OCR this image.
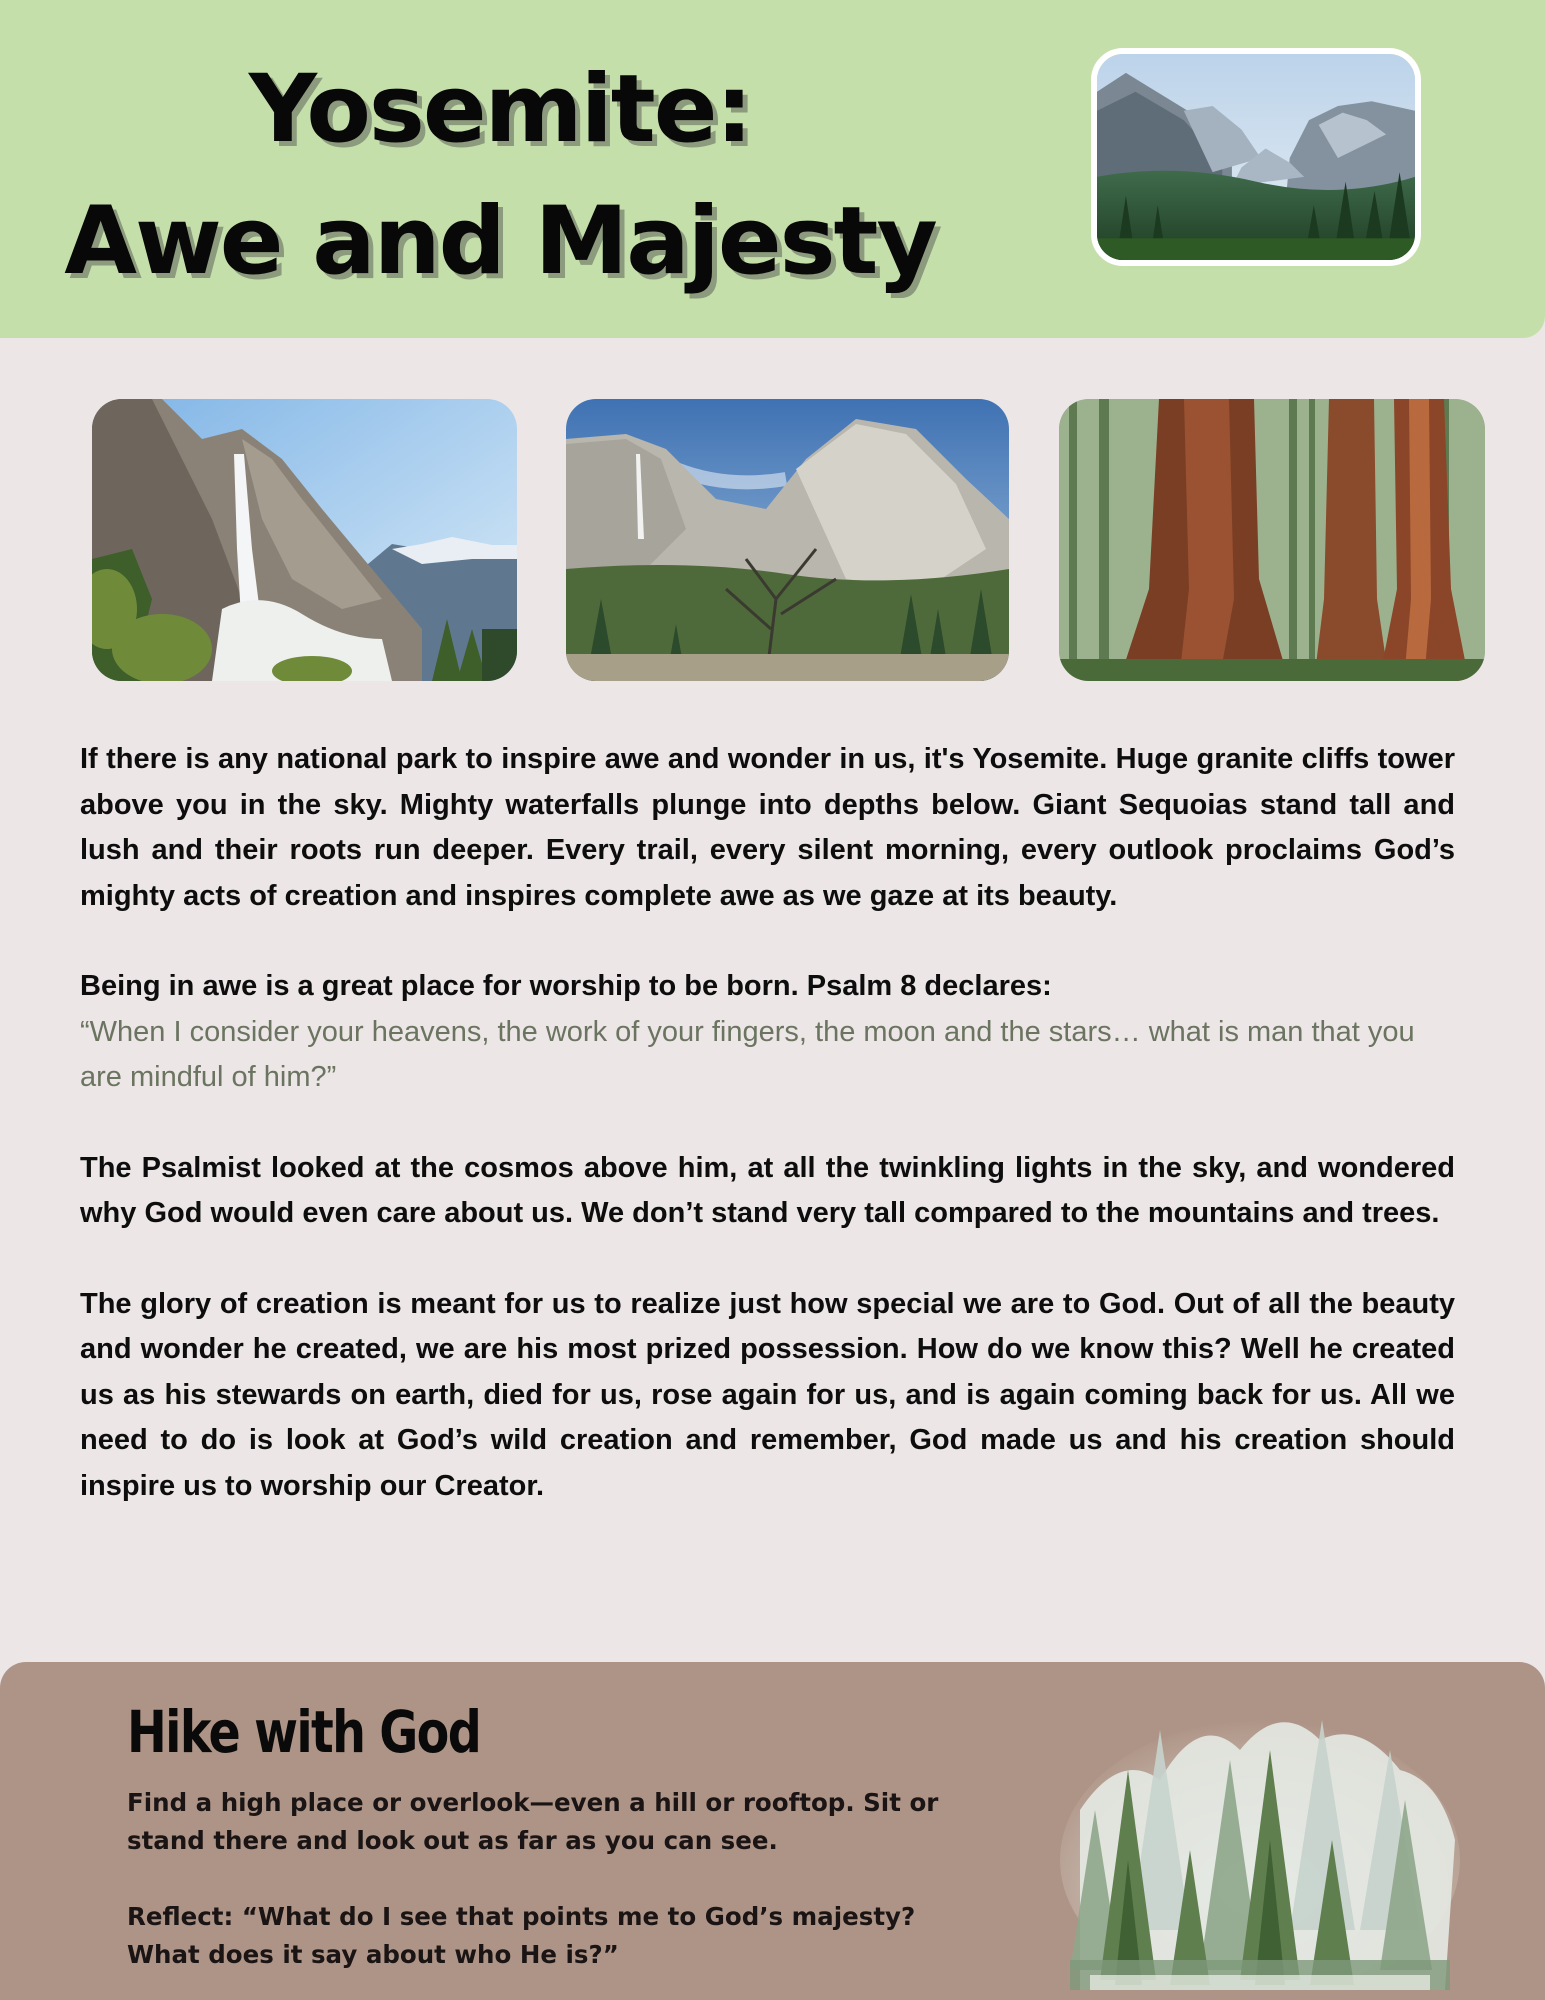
Yosemite:
Awe and Majesty

If there is any national park to inspire awe and wonder in us, it's Yosemite. Huge granite cliffs tower above you in the sky. Mighty waterfalls plunge into depths below. Giant Sequoias stand tall and lush and their roots run deeper. Every trail, every silent morning, every outlook proclaims God’s mighty acts of creation and inspires complete awe as we gaze at its beauty.

Being in awe is a great place for worship to be born. Psalm 8 declares:

“When I consider your heavens, the work of your fingers, the moon and the stars… what is man that you are mindful of him?”

The Psalmist looked at the cosmos above him, at all the twinkling lights in the sky, and wondered why God would even care about us. We don’t stand very tall compared to the mountains and trees.

The glory of creation is meant for us to realize just how special we are to God. Out of all the beauty and wonder he created, we are his most prized possession. How do we know this? Well he created us as his stewards on earth, died for us, rose again for us, and is again coming back for us. All we need to do is look at God’s wild creation and remember, God made us and his creation should inspire us to worship our Creator.

Hike with God

Find a high place or overlook—even a hill or rooftop. Sit or stand there and look out as far as you can see.

Reflect: “What do I see that points me to God’s majesty? What does it say about who He is?”
